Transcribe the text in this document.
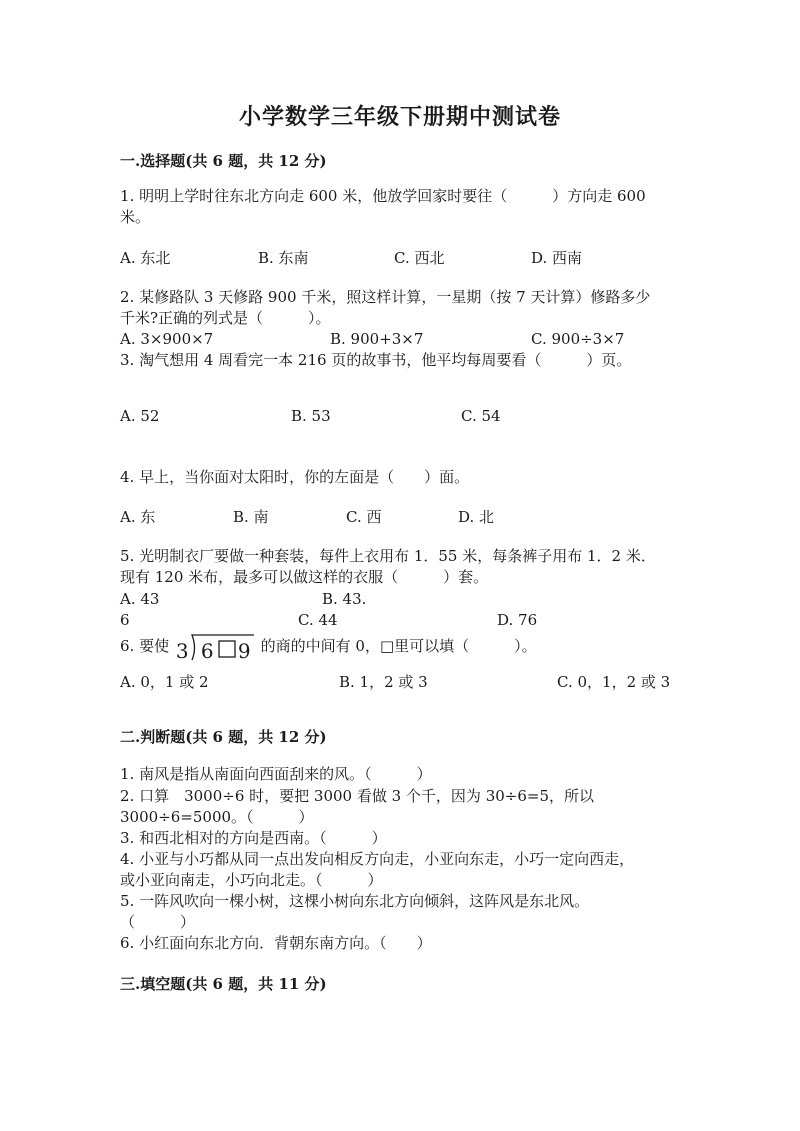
小学数学三年级下册期中测试卷
一.选择题(共 6 题，共 12 分)
1. 明明上学时往东北方向走 600 米，他放学回家时要往（　　　）方向走 600 米。
A. 东北	B. 东南	C. 西北	D. 西南
2. 某修路队 3 天修路 900 千米，照这样计算，一星期（按 7 天计算）修路多少千米?正确的列式是（　　　）。
A. 3×900×7	B. 900+3×7	C. 900÷3×7
3. 淘气想用 4 周看完一本 216 页的故事书，他平均每周要看（　　　）页。
A. 52	B. 53	C. 54
4. 早上，当你面对太阳时，你的左面是（　　）面。
A. 东	B. 南	C. 西	D. 北
5. 光明制衣厂要做一种套装，每件上衣用布 1．55 米，每条裤子用布 1．2 米．现有 120 米布，最多可以做这样的衣服（　　　）套。
A. 43	B. 43.
6	C. 44	D. 76
6. 要使 3 6 9 的商的中间有 0，□里可以填（　　　）。
A. 0，1 或 2	B. 1，2 或 3	C. 0，1，2 或 3
二.判断题(共 6 题，共 12 分)
1. 南风是指从南面向西面刮来的风。（　　　）
2. 口算　3000÷6 时，要把 3000 看做 3 个千，因为 30÷6=5，所以
3000÷6=5000。（　　　）
3. 和西北相对的方向是西南。（　　　）
4. 小亚与小巧都从同一点出发向相反方向走，小亚向东走，小巧一定向西走，
或小亚向南走，小巧向北走。（　　　）
5. 一阵风吹向一棵小树，这棵小树向东北方向倾斜，这阵风是东北风。
（　　　）
6. 小红面向东北方向．背朝东南方向。（　　）
三.填空题(共 6 题，共 11 分)
